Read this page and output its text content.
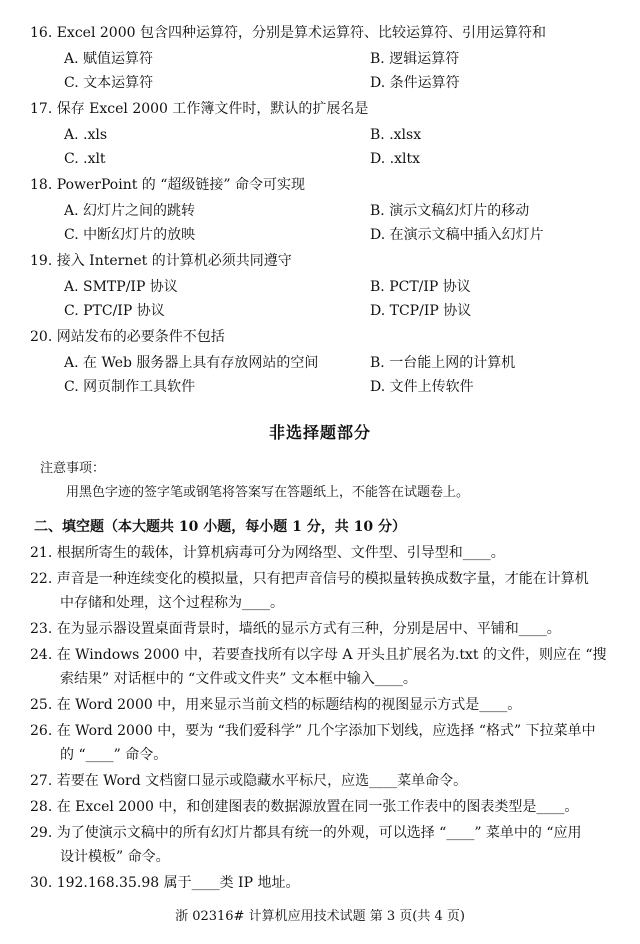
16. Excel 2000 包含四种运算符，分别是算术运算符、比较运算符、引用运算符和
A. 赋值运算符	B. 逻辑运算符
C. 文本运算符	D. 条件运算符
17. 保存 Excel 2000 工作簿文件时，默认的扩展名是
A. .xls	B. .xlsx
C. .xlt	D. .xltx
18. PowerPoint 的 “超级链接” 命令可实现
A. 幻灯片之间的跳转	B. 演示文稿幻灯片的移动
C. 中断幻灯片的放映	D. 在演示文稿中插入幻灯片
19. 接入 Internet 的计算机必须共同遵守
A. SMTP/IP 协议	B. PCT/IP 协议
C. PTC/IP 协议	D. TCP/IP 协议
20. 网站发布的必要条件不包括
A. 在 Web 服务器上具有存放网站的空间	B. 一台能上网的计算机
C. 网页制作工具软件	D. 文件上传软件
非选择题部分
注意事项：
用黑色字迹的签字笔或钢笔将答案写在答题纸上，不能答在试题卷上。
二、填空题（本大题共 10 小题，每小题 1 分，共 10 分）
21. 根据所寄生的载体，计算机病毒可分为网络型、文件型、引导型和____。
22. 声音是一种连续变化的模拟量，只有把声音信号的模拟量转换成数字量，才能在计算机
中存储和处理，这个过程称为____。
23. 在为显示器设置桌面背景时，墙纸的显示方式有三种，分别是居中、平铺和____。
24. 在 Windows 2000 中，若要查找所有以字母 A 开头且扩展名为.txt 的文件，则应在 “搜
索结果” 对话框中的 “文件或文件夹” 文本框中输入____。
25. 在 Word 2000 中，用来显示当前文档的标题结构的视图显示方式是____。
26. 在 Word 2000 中，要为 “我们爱科学” 几个字添加下划线，应选择 “格式” 下拉菜单中
的 “____” 命令。
27. 若要在 Word 文档窗口显示或隐藏水平标尺，应选____菜单命令。
28. 在 Excel 2000 中，和创建图表的数据源放置在同一张工作表中的图表类型是____。
29. 为了使演示文稿中的所有幻灯片都具有统一的外观，可以选择 “____” 菜单中的 “应用
设计模板” 命令。
30. 192.168.35.98 属于____类 IP 地址。
浙 02316# 计算机应用技术试题 第 3 页(共 4 页)
